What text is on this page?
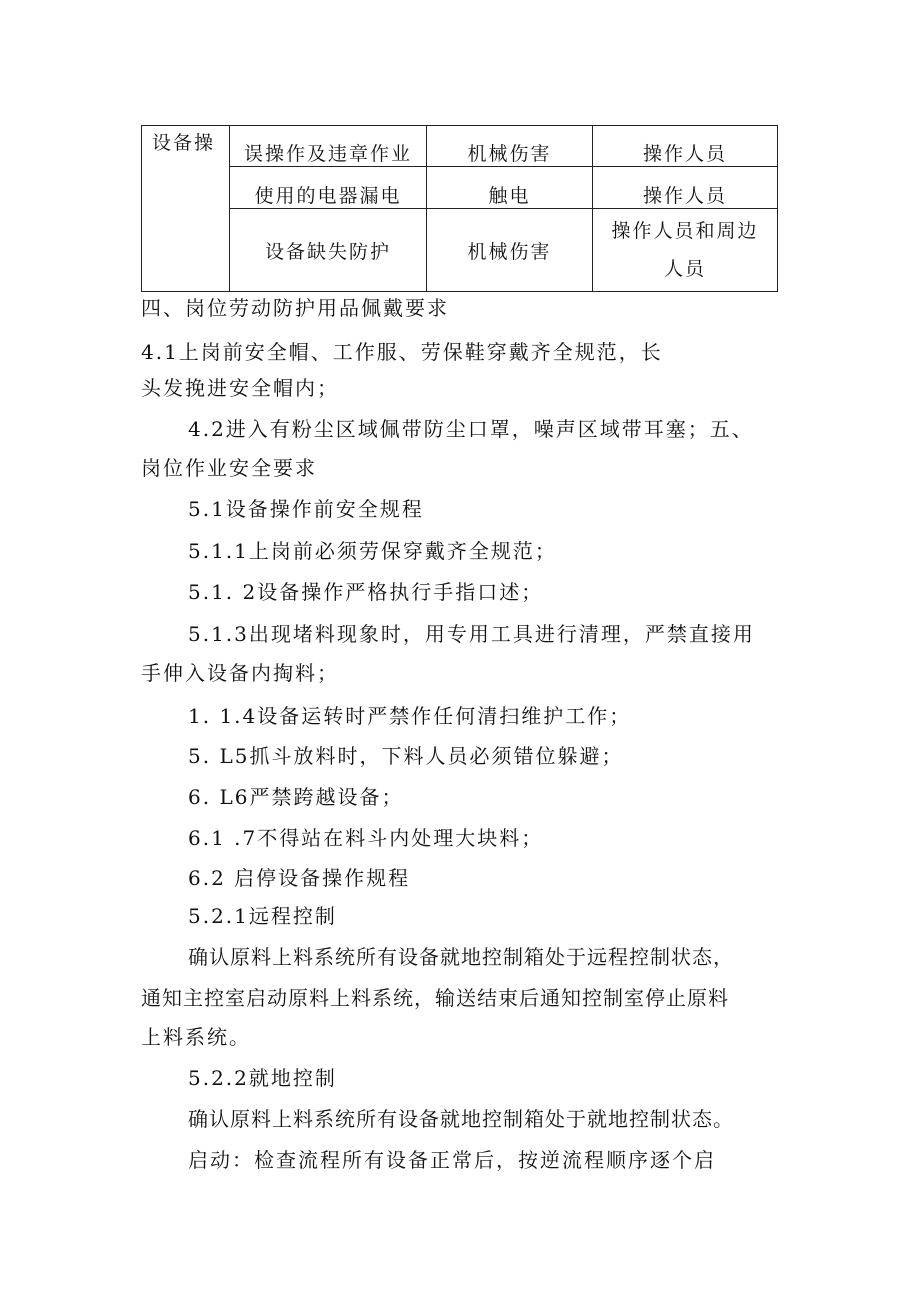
设备操	误操作及违章作业	机械伤害	操作人员
	使用的电器漏电	触电	操作人员
	设备缺失防护	机械伤害	操作人员和周边
人员

四、岗位劳动防护用品佩戴要求

4.1上岗前安全帽、工作服、劳保鞋穿戴齐全规范，长

头发挽进安全帽内；

4.2进入有粉尘区域佩带防尘口罩，噪声区域带耳塞；五、

岗位作业安全要求

5.1设备操作前安全规程

5.1.1上岗前必须劳保穿戴齐全规范；

5.1. 2设备操作严格执行手指口述；

5.1.3出现堵料现象时，用专用工具进行清理，严禁直接用

手伸入设备内掏料；

1. 1.4设备运转时严禁作任何清扫维护工作；

5. L5抓斗放料时，下料人员必须错位躲避；

6. L6严禁跨越设备；

6.1 .7不得站在料斗内处理大块料；

6.2 启停设备操作规程

5.2.1远程控制

确认原料上料系统所有设备就地控制箱处于远程控制状态，

通知主控室启动原料上料系统，输送结束后通知控制室停止原料

上料系统。

5.2.2就地控制

确认原料上料系统所有设备就地控制箱处于就地控制状态。

启动：检查流程所有设备正常后，按逆流程顺序逐个启
